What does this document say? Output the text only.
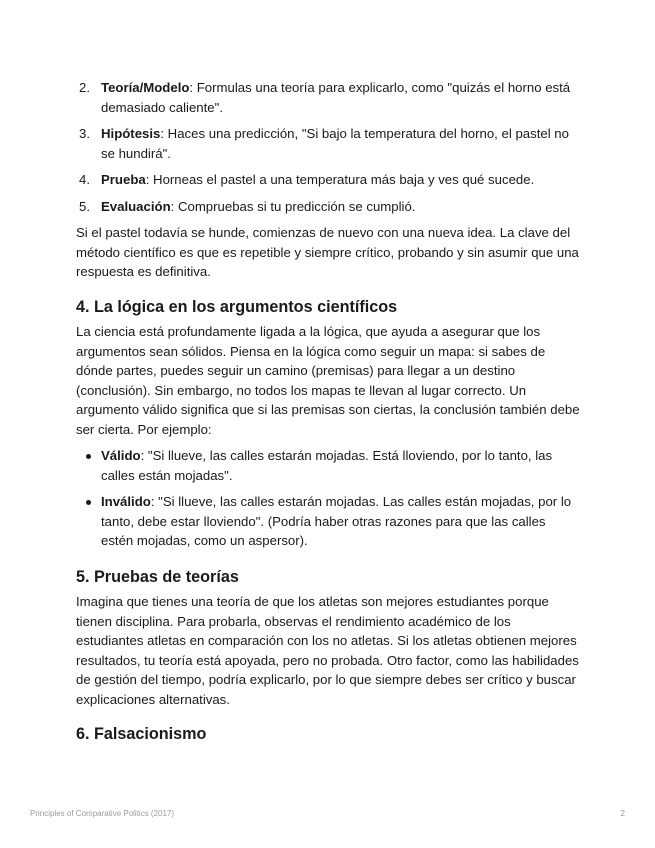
2. Teoría/Modelo: Formulas una teoría para explicarlo, como "quizás el horno está demasiado caliente".
3. Hipótesis: Haces una predicción, "Si bajo la temperatura del horno, el pastel no se hundirá".
4. Prueba: Horneas el pastel a una temperatura más baja y ves qué sucede.
5. Evaluación: Compruebas si tu predicción se cumplió.

Si el pastel todavía se hunde, comienzas de nuevo con una nueva idea. La clave del método científico es que es repetible y siempre crítico, probando y sin asumir que una respuesta es definitiva.

4. La lógica en los argumentos científicos

La ciencia está profundamente ligada a la lógica, que ayuda a asegurar que los argumentos sean sólidos. Piensa en la lógica como seguir un mapa: si sabes de dónde partes, puedes seguir un camino (premisas) para llegar a un destino (conclusión). Sin embargo, no todos los mapas te llevan al lugar correcto. Un argumento válido significa que si las premisas son ciertas, la conclusión también debe ser cierta. Por ejemplo:

Válido: "Si llueve, las calles estarán mojadas. Está lloviendo, por lo tanto, las calles están mojadas".
Inválido: "Si llueve, las calles estarán mojadas. Las calles están mojadas, por lo tanto, debe estar lloviendo". (Podría haber otras razones para que las calles estén mojadas, como un aspersor).
5. Pruebas de teorías

Imagina que tienes una teoría de que los atletas son mejores estudiantes porque tienen disciplina. Para probarla, observas el rendimiento académico de los estudiantes atletas en comparación con los no atletas. Si los atletas obtienen mejores resultados, tu teoría está apoyada, pero no probada. Otro factor, como las habilidades de gestión del tiempo, podría explicarlo, por lo que siempre debes ser crítico y buscar explicaciones alternativas.

6. Falsacionismo
Principles of Comparative Politics (2017)	2
